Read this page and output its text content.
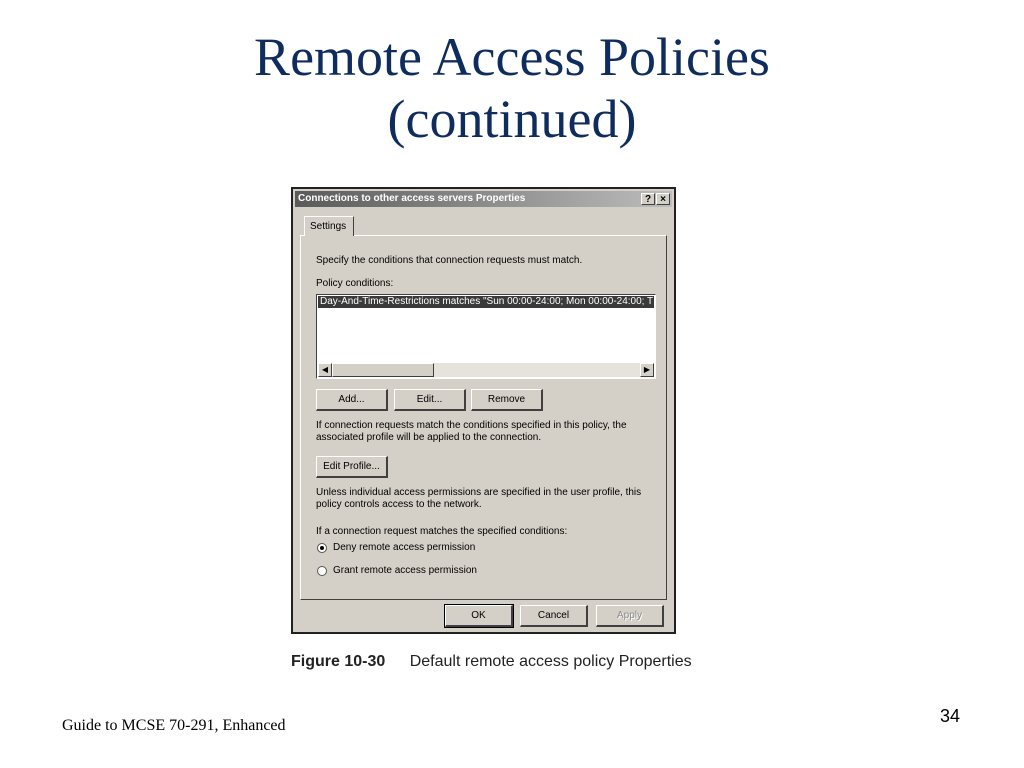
Remote Access Policies
(continued)
Connections to other access servers Properties	? ×
Settings
Specify the conditions that connection requests must match.
Policy conditions:
Day-And-Time-Restrictions matches "Sun 00:00-24:00; Mon 00:00-24:00; T
◀	▶
Add...	Edit...	Remove
If connection requests match the conditions specified in this policy, the
associated profile will be applied to the connection.
Edit Profile...
Unless individual access permissions are specified in the user profile, this
policy controls access to the network.
If a connection request matches the specified conditions:
Deny remote access permission
Grant remote access permission
OK	Cancel	Apply
Figure 10-30 Default remote access policy Properties
Guide to MCSE 70-291, Enhanced	34
